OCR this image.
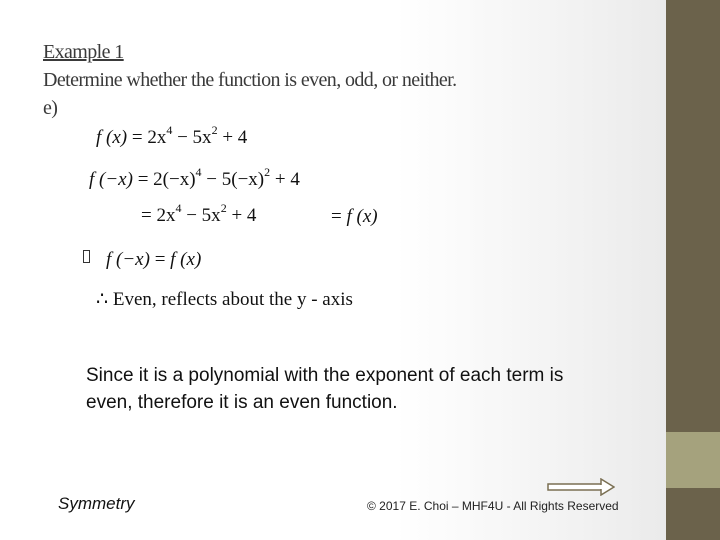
Example 1
Determine whether the function is even, odd, or neither.
e)
f $(x) = 2x^4 - 5x^2 + 4$
f $(-x) = 2(-x)^4 - 5(-x)^2 + 4$
= $2x^4 - 5x^2 + 4$	= f (x)
f (−x) = f (x)
∴ Even, reflects about the y - axis
Since it is a polynomial with the exponent of each term is even, therefore it is an even function.
Symmetry	© 2017 E. Choi – MHF4U - All Rights Reserved
